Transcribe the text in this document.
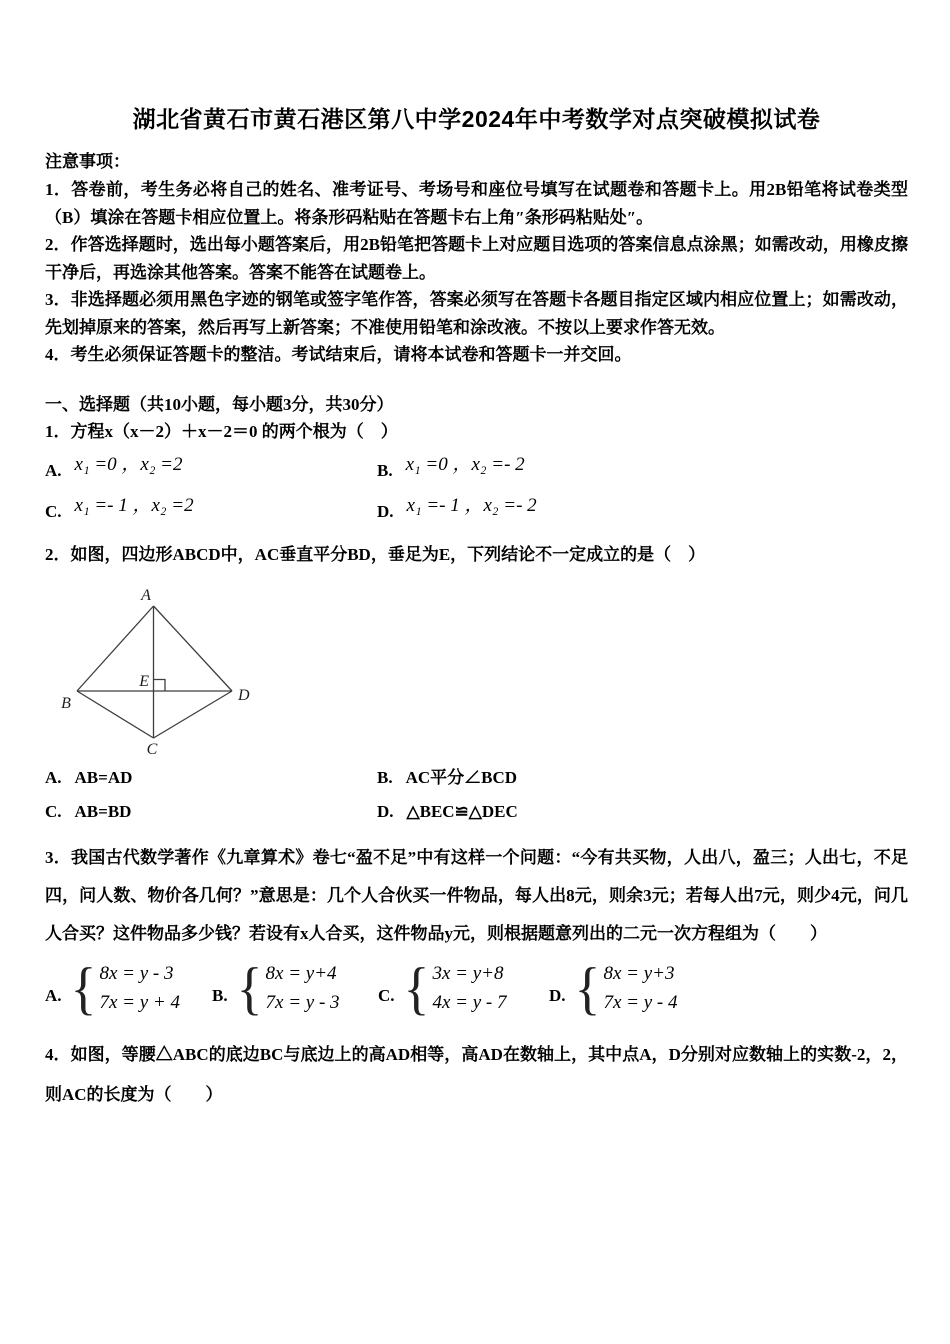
湖北省黄石市黄石港区第八中学2024年中考数学对点突破模拟试卷

注意事项：

1．答卷前，考生务必将自己的姓名、准考证号、考场号和座位号填写在试题卷和答题卡上。用2B铅笔将试卷类型（B）填涂在答题卡相应位置上。将条形码粘贴在答题卡右上角″条形码粘贴处″。

2．作答选择题时，选出每小题答案后，用2B铅笔把答题卡上对应题目选项的答案信息点涂黑；如需改动，用橡皮擦干净后，再选涂其他答案。答案不能答在试题卷上。

3．非选择题必须用黑色字迹的钢笔或签字笔作答，答案必须写在答题卡各题目指定区域内相应位置上；如需改动，先划掉原来的答案，然后再写上新答案；不准使用铅笔和涂改液。不按以上要求作答无效。

4．考生必须保证答题卡的整洁。考试结束后，请将本试卷和答题卡一并交回。

一、选择题（共10小题，每小题3分，共30分）

1．方程x（x－2）＋x－2＝0 的两个根为（　）

A. x₁ =0 ，x₂ =2	B. x₁ =0 ，x₂ =- 2
C. x₁ =- 1 ，x₂ =2	D. x₁ =- 1 ，x₂ =- 2

2．如图，四边形ABCD中，AC垂直平分BD，垂足为E，下列结论不一定成立的是（　）

A
B
C
D
E
A. AB=AD	B. AC平分∠BCD
C. AB=BD	D. △BEC≌△DEC

3．我国古代数学著作《九章算术》卷七“盈不足”中有这样一个问题：“今有共买物，人出八，盈三；人出七，不足四，问人数、物价各几何？”意思是：几个人合伙买一件物品，每人出8元，则余3元；若每人出7元，则少4元，问几人合买？这件物品多少钱？若设有x人合买，这件物品y元，则根据题意列出的二元一次方程组为（　　）

A.
{
8x = y - 3
7x = y + 4 B.
{
8x = y+4
7x = y - 3 C.
{
3x = y+8
4x = y - 7	D.
{
8x = y+3
7x = y - 4

4．如图，等腰△ABC的底边BC与底边上的高AD相等，高AD在数轴上，其中点A，D分别对应数轴上的实数-2，2，则AC的长度为（　　）
